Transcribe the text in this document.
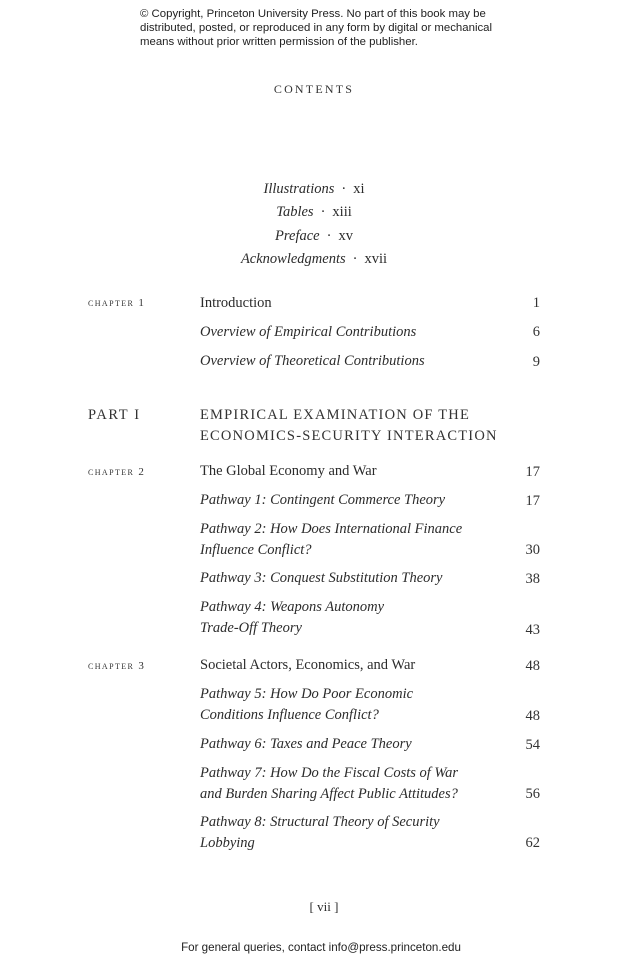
© Copyright, Princeton University Press. No part of this book may be distributed, posted, or reproduced in any form by digital or mechanical means without prior written permission of the publisher.
CONTENTS
Illustrations · xi
Tables · xiii
Preface · xv
Acknowledgments · xvii
chapter 1	Introduction	1
Overview of Empirical Contributions	6
Overview of Theoretical Contributions	9
PART I	EMPIRICAL EXAMINATION OF THE
ECONOMICS-SECURITY INTERACTION
chapter 2	The Global Economy and War	17
Pathway 1: Contingent Commerce Theory	17
Pathway 2: How Does International Finance
Influence Conflict?	30
Pathway 3: Conquest Substitution Theory	38
Pathway 4: Weapons Autonomy
Trade-Off Theory	43
chapter 3	Societal Actors, Economics, and War	48
Pathway 5: How Do Poor Economic
Conditions Influence Conflict?	48
Pathway 6: Taxes and Peace Theory	54
Pathway 7: How Do the Fiscal Costs of War
and Burden Sharing Affect Public Attitudes?	56
Pathway 8: Structural Theory of Security
Lobbying	62
[ vii ]
For general queries, contact info@press.princeton.edu
